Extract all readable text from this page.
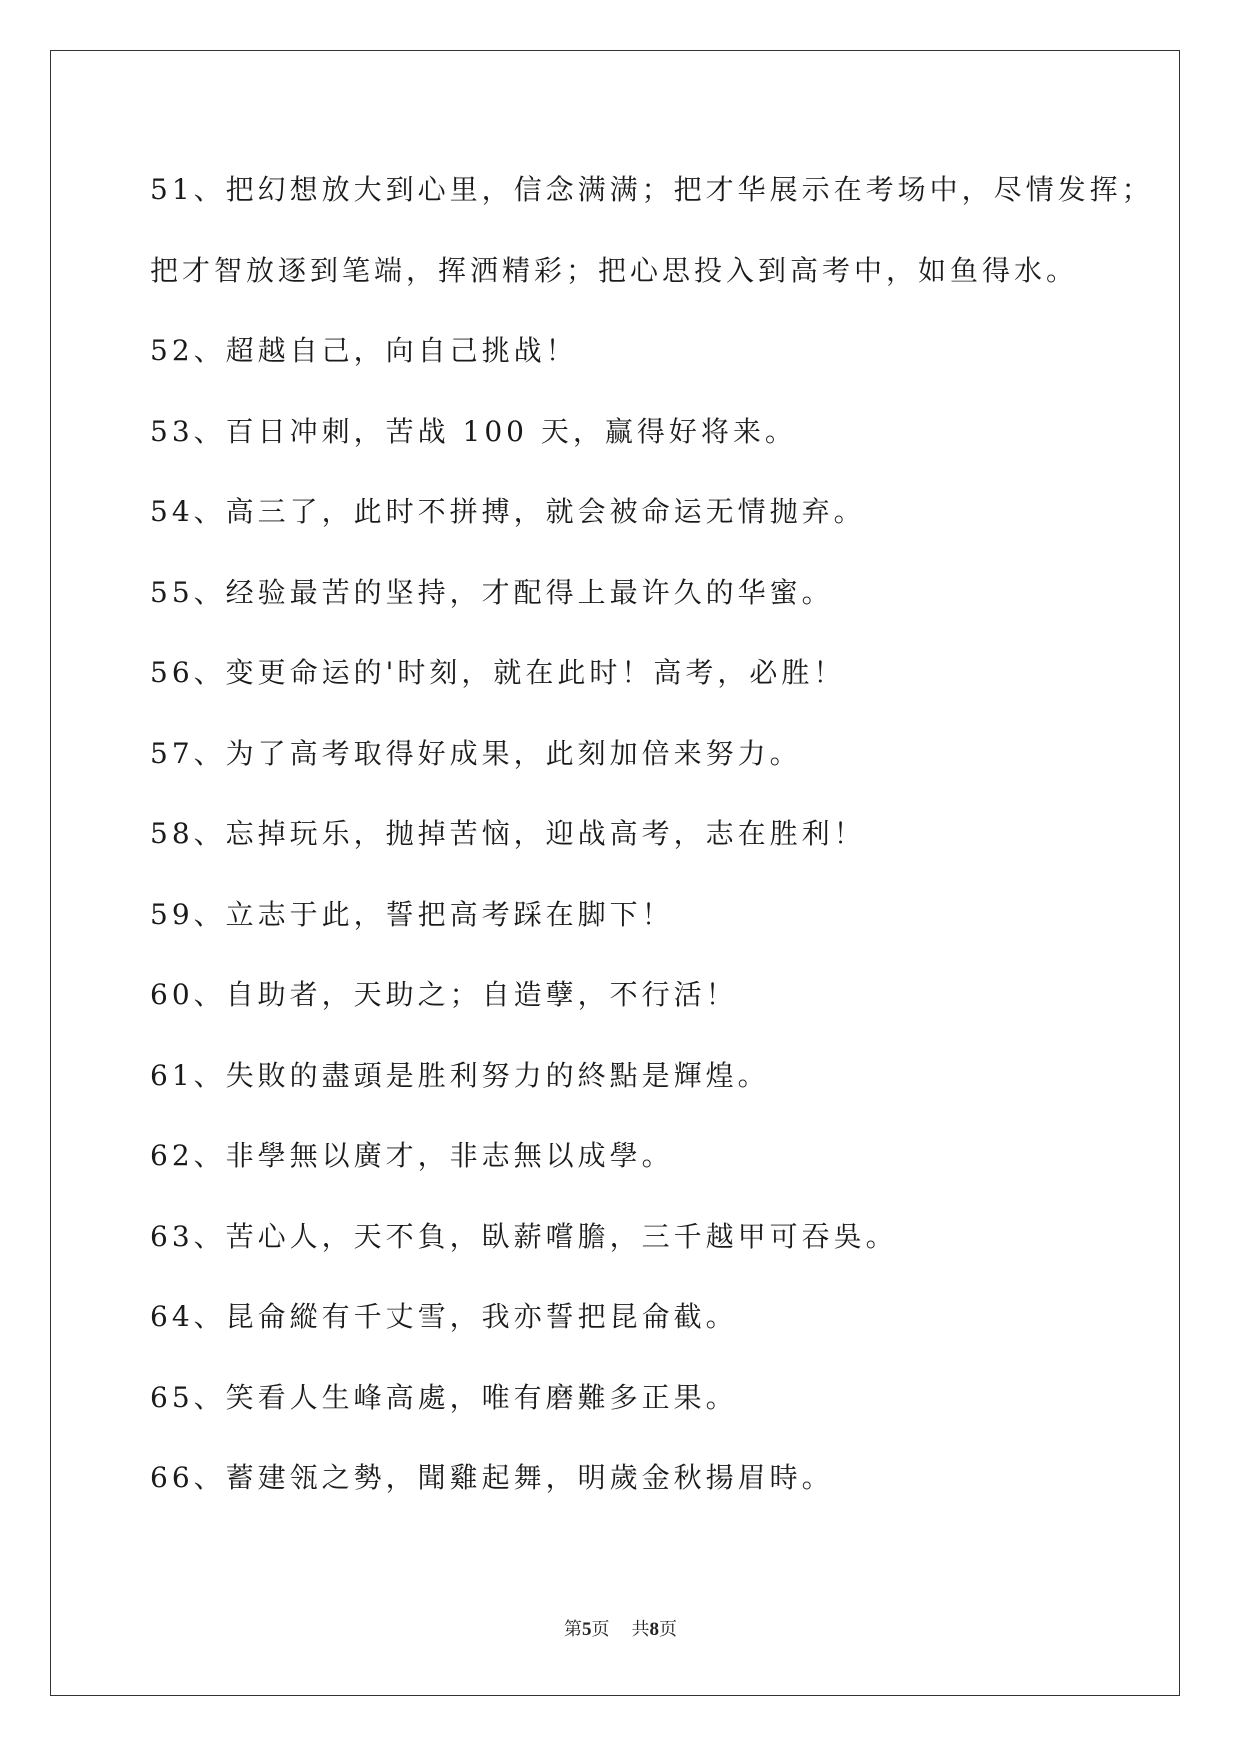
51、把幻想放大到心里，信念满满；把才华展示在考场中，尽情发挥；
把才智放逐到笔端，挥洒精彩；把心思投入到高考中，如鱼得水。
52、超越自己，向自己挑战！
53、百日冲刺，苦战 100 天，赢得好将来。
54、高三了，此时不拼搏，就会被命运无情抛弃。
55、经验最苦的坚持，才配得上最许久的华蜜。
56、变更命运的'时刻，就在此时！高考，必胜！
57、为了高考取得好成果，此刻加倍来努力。
58、忘掉玩乐，抛掉苦恼，迎战高考，志在胜利！
59、立志于此，誓把高考踩在脚下！
60、自助者，天助之；自造孽，不行活！
61、失敗的盡頭是胜利努力的終點是輝煌。
62、非學無以廣才，非志無以成學。
63、苦心人，天不負，臥薪嚐膽，三千越甲可吞吳。
64、昆侖縱有千丈雪，我亦誓把昆侖截。
65、笑看人生峰高處，唯有磨難多正果。
66、蓄建瓴之勢，聞雞起舞，明歲金秋揚眉時。
第5页 共8页
